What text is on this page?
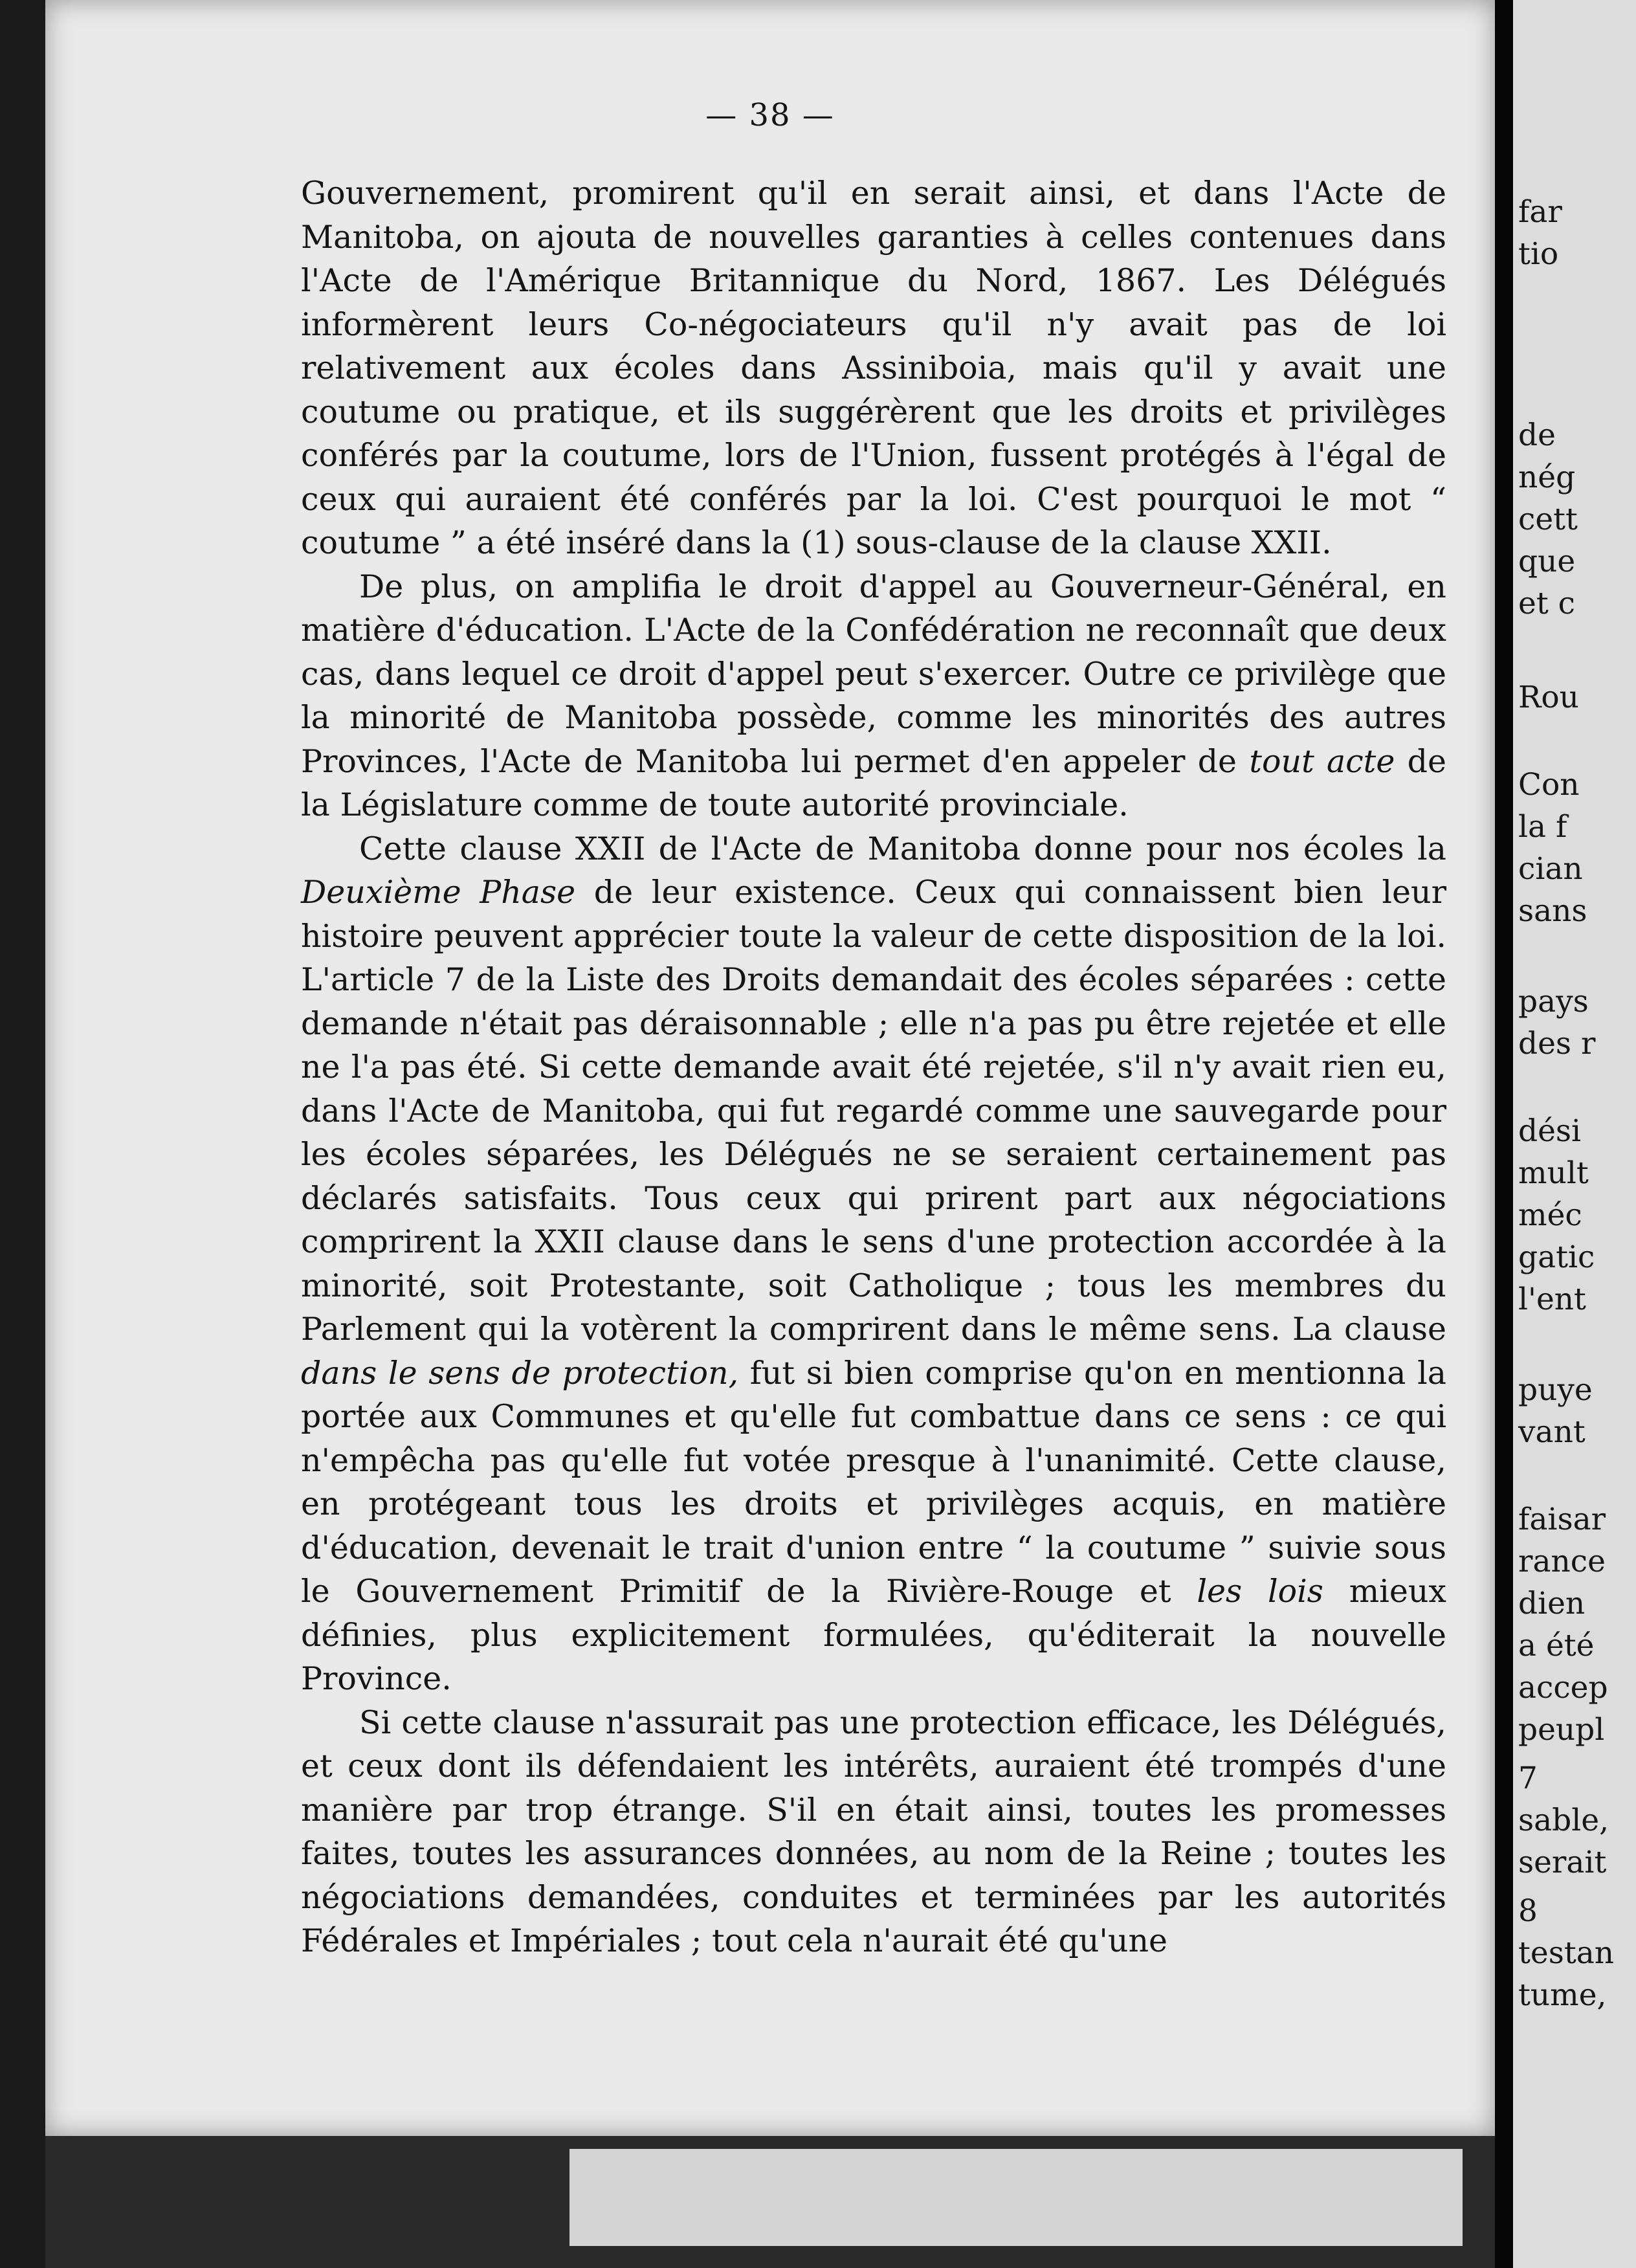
— 38 —

Gouvernement, promirent qu'il en serait ainsi, et dans l'Acte de Manitoba, on ajouta de nouvelles garanties à celles contenues dans l'Acte de l'Amérique Britannique du Nord, 1867. Les Délégués informèrent leurs Co-négociateurs qu'il n'y avait pas de loi relativement aux écoles dans Assiniboia, mais qu'il y avait une coutume ou pratique, et ils suggérèrent que les droits et privilèges conférés par la coutume, lors de l'Union, fussent protégés à l'égal de ceux qui auraient été conférés par la loi. C'est pourquoi le mot “ coutume ” a été inséré dans la (1) sous-clause de la clause XXII.

De plus, on amplifia le droit d'appel au Gouverneur-Général, en matière d'éducation. L'Acte de la Confédération ne reconnaît que deux cas, dans lequel ce droit d'appel peut s'exercer. Outre ce privilège que la minorité de Manitoba possède, comme les minorités des autres Provinces, l'Acte de Manitoba lui permet d'en appeler de tout acte de la Législature comme de toute autorité provinciale.

Cette clause XXII de l'Acte de Manitoba donne pour nos écoles la Deuxième Phase de leur existence. Ceux qui connaissent bien leur histoire peuvent apprécier toute la valeur de cette disposition de la loi. L'article 7 de la Liste des Droits demandait des écoles séparées : cette demande n'était pas déraisonnable ; elle n'a pas pu être rejetée et elle ne l'a pas été. Si cette demande avait été rejetée, s'il n'y avait rien eu, dans l'Acte de Manitoba, qui fut regardé comme une sauvegarde pour les écoles séparées, les Délégués ne se seraient certainement pas déclarés satisfaits. Tous ceux qui prirent part aux négociations comprirent la XXII clause dans le sens d'une protection accordée à la minorité, soit Protestante, soit Catholique ; tous les membres du Parlement qui la votèrent la comprirent dans le même sens. La clause dans le sens de protection, fut si bien comprise qu'on en mentionna la portée aux Communes et qu'elle fut combattue dans ce sens : ce qui n'empêcha pas qu'elle fut votée presque à l'unanimité. Cette clause, en protégeant tous les droits et privilèges acquis, en matière d'éducation, devenait le trait d'union entre “ la coutume ” suivie sous le Gouvernement Primitif de la Rivière-Rouge et les lois mieux définies, plus explicitement formulées, qu'éditerait la nouvelle Province.

Si cette clause n'assurait pas une protection efficace, les Délégués, et ceux dont ils défendaient les intérêts, auraient été trompés d'une manière par trop étrange. S'il en était ainsi, toutes les promesses faites, toutes les assurances données, au nom de la Reine ; toutes les négociations demandées, conduites et terminées par les autorités Fédérales et Impériales ; tout cela n'aurait été qu'une

far
tio
de
nég
cett
que
et c
Rou
Con
la f
cian
sans
pays
des r
dési
mult
méc
gatic
l'ent
puye
vant
faisar
rance
dien
a été
accep
peupl
7
sable,
serait
8
testan
tume,
